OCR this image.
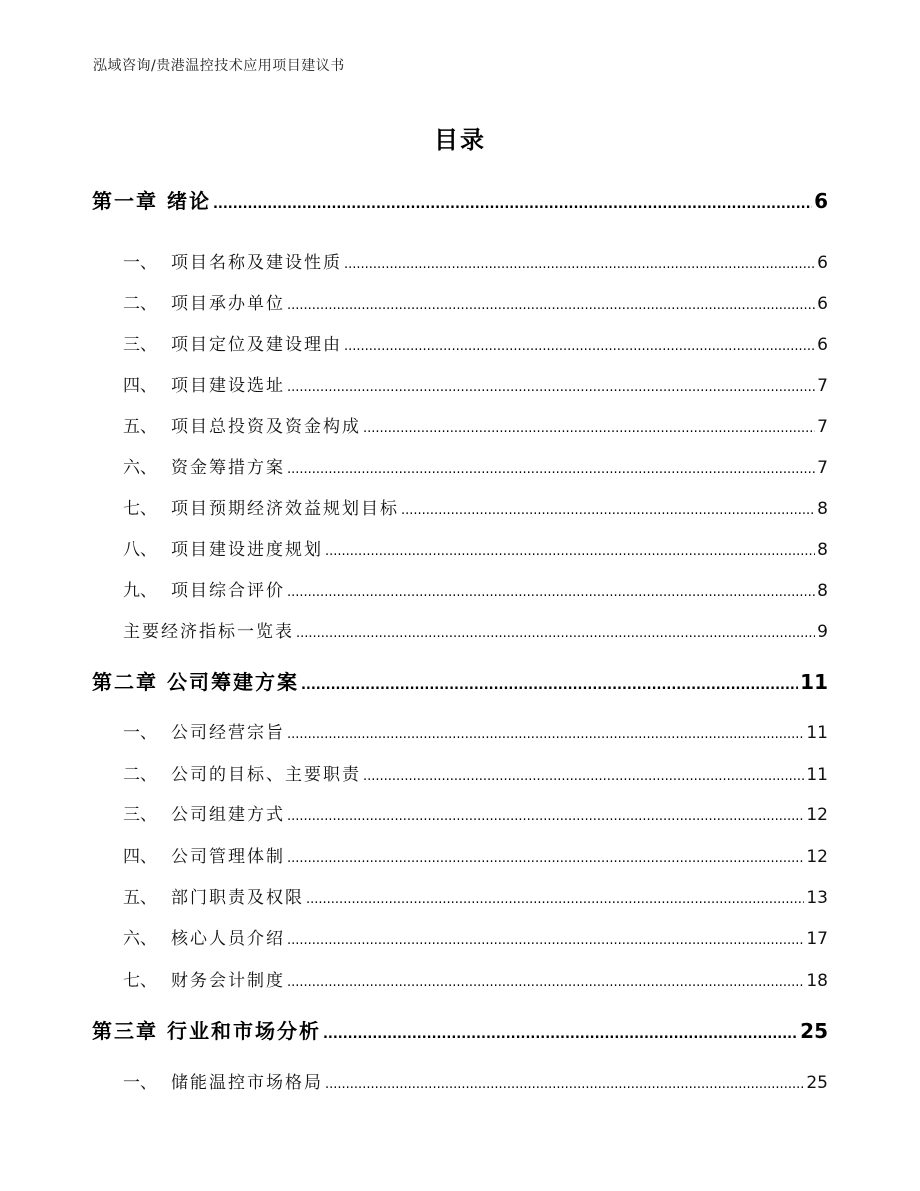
泓域咨询/贵港温控技术应用项目建议书
目录
第一章 绪论 .....	6
一、 项目名称及建设性质 .....	6
二、 项目承办单位 .....	6
三、 项目定位及建设理由 .....	6
四、 项目建设选址 .....	7
五、 项目总投资及资金构成 .....	7
六、 资金筹措方案 .....	7
七、 项目预期经济效益规划目标 .....	8
八、 项目建设进度规划 .....	8
九、 项目综合评价 .....	8
主要经济指标一览表 .....	9
第二章 公司筹建方案 .....	11
一、 公司经营宗旨 .....	11
二、 公司的目标、主要职责 .....	11
三、 公司组建方式 .....	12
四、 公司管理体制 .....	12
五、 部门职责及权限 .....	13
六、 核心人员介绍 .....	17
七、 财务会计制度 .....	18
第三章 行业和市场分析 .....	25
一、 储能温控市场格局 .....	25
